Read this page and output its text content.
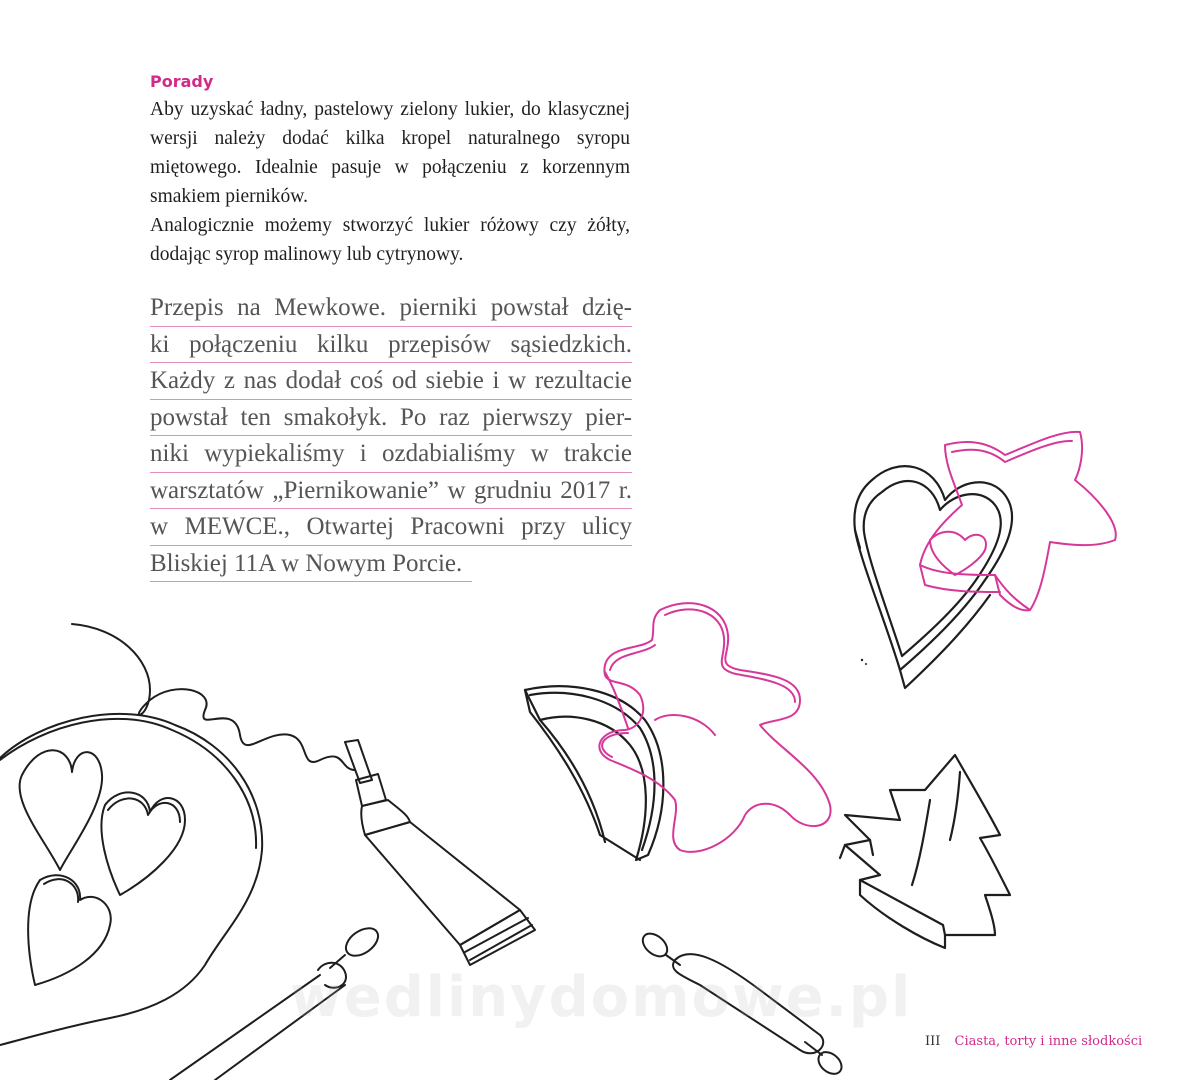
Porady

Aby uzyskać ładny, pastelowy zielony lukier, do klasycznej wersji należy dodać kilka kropel naturalnego syropu miętowego. Idealnie pasuje w połączeniu z korzennym smakiem pierników.

Analogicznie możemy stworzyć lukier różowy czy żółty, dodając syrop malinowy lub cytrynowy.

Przepis na Mewkowe. pierniki powstał dzię-
ki połączeniu kilku przepisów sąsiedzkich.
Każdy z nas dodał coś od siebie i w rezultacie
powstał ten smakołyk. Po raz pierwszy pier-
niki wypiekaliśmy i ozdabialiśmy w trakcie
warsztatów „Piernikowanie” w grudniu 2017 r.
w MEWCE., Otwartej Pracowni przy ulicy
Bliskiej 11A w Nowym Porcie.
wedlinydomowe.pl
III Ciasta, torty i inne słodkości
